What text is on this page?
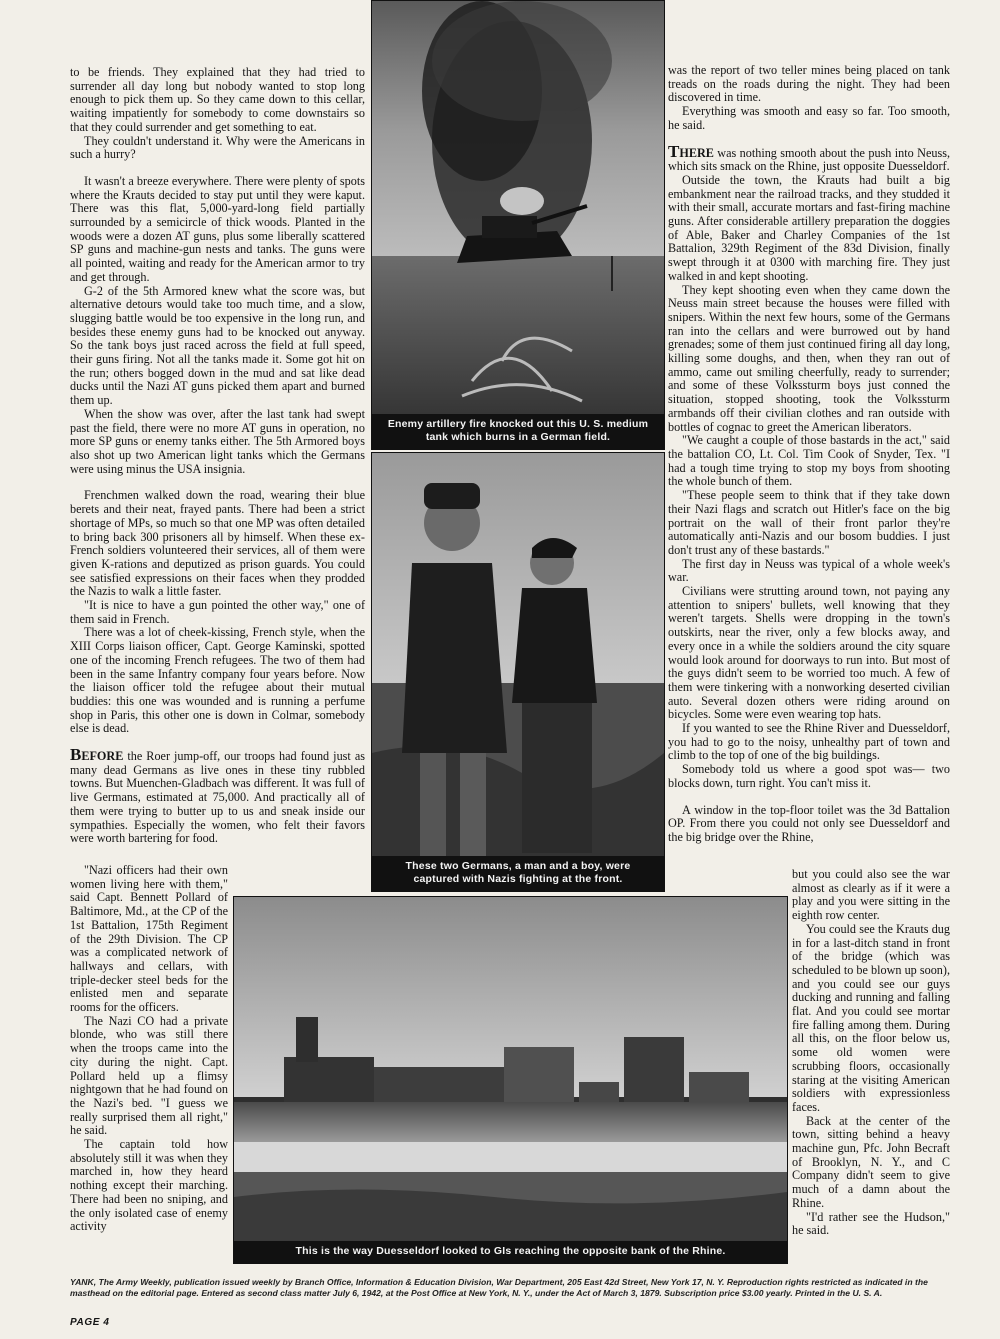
to be friends. They explained that they had tried to surrender all day long but nobody wanted to stop long enough to pick them up. So they came down to this cellar, waiting impatiently for somebody to come downstairs so that they could surrender and get something to eat.

They couldn't understand it. Why were the Americans in such a hurry?

It wasn't a breeze everywhere. There were plenty of spots where the Krauts decided to stay put until they were kaput. There was this flat, 5,000-yard-long field partially surrounded by a semicircle of thick woods. Planted in the woods were a dozen AT guns, plus some liberally scattered SP guns and machine-gun nests and tanks. The guns were all pointed, waiting and ready for the American armor to try and get through.

G-2 of the 5th Armored knew what the score was, but alternative detours would take too much time, and a slow, slugging battle would be too expensive in the long run, and besides these enemy guns had to be knocked out anyway. So the tank boys just raced across the field at full speed, their guns firing. Not all the tanks made it. Some got hit on the run; others bogged down in the mud and sat like dead ducks until the Nazi AT guns picked them apart and burned them up.

When the show was over, after the last tank had swept past the field, there were no more AT guns in operation, no more SP guns or enemy tanks either. The 5th Armored boys also shot up two American light tanks which the Germans were using minus the USA insignia.

Frenchmen walked down the road, wearing their blue berets and their neat, frayed pants. There had been a strict shortage of MPs, so much so that one MP was often detailed to bring back 300 prisoners all by himself. When these ex-French soldiers volunteered their services, all of them were given K-rations and deputized as prison guards. You could see satisfied expressions on their faces when they prodded the Nazis to walk a little faster.

"It is nice to have a gun pointed the other way," one of them said in French.

There was a lot of cheek-kissing, French style, when the XIII Corps liaison officer, Capt. George Kaminski, spotted one of the incoming French refugees. The two of them had been in the same Infantry company four years before. Now the liaison officer told the refugee about their mutual buddies: this one was wounded and is running a perfume shop in Paris, this other one is down in Colmar, somebody else is dead.

BEFORE the Roer jump-off, our troops had found just as many dead Germans as live ones in these tiny rubbled towns. But Muenchen-Gladbach was different. It was full of live Germans, estimated at 75,000. And practically all of them were trying to butter up to us and sneak inside our sympathies. Especially the women, who felt their favors were worth bartering for food.

"Nazi officers had their own women living here with them," said Capt. Bennett Pollard of Baltimore, Md., at the CP of the 1st Battalion, 175th Regiment of the 29th Division. The CP was a complicated network of hallways and cellars, with triple-decker steel beds for the enlisted men and separate rooms for the officers.

The Nazi CO had a private blonde, who was still there when the troops came into the city during the night. Capt. Pollard held up a flimsy nightgown that he had found on the Nazi's bed. "I guess we really surprised them all right," he said.

The captain told how absolutely still it was when they marched in, how they heard nothing except their marching. There had been no sniping, and the only isolated case of enemy activity

was the report of two teller mines being placed on tank treads on the roads during the night. They had been discovered in time.

Everything was smooth and easy so far. Too smooth, he said.

THERE was nothing smooth about the push into Neuss, which sits smack on the Rhine, just opposite Duesseldorf.

Outside the town, the Krauts had built a big embankment near the railroad tracks, and they studded it with their small, accurate mortars and fast-firing machine guns. After considerable artillery preparation the doggies of Able, Baker and Charley Companies of the 1st Battalion, 329th Regiment of the 83d Division, finally swept through it at 0300 with marching fire. They just walked in and kept shooting.

They kept shooting even when they came down the Neuss main street because the houses were filled with snipers. Within the next few hours, some of the Germans ran into the cellars and were burrowed out by hand grenades; some of them just continued firing all day long, killing some doughs, and then, when they ran out of ammo, came out smiling cheerfully, ready to surrender; and some of these Volkssturm boys just conned the situation, stopped shooting, took the Volkssturm armbands off their civilian clothes and ran outside with bottles of cognac to greet the American liberators.

"We caught a couple of those bastards in the act," said the battalion CO, Lt. Col. Tim Cook of Snyder, Tex. "I had a tough time trying to stop my boys from shooting the whole bunch of them.

"These people seem to think that if they take down their Nazi flags and scratch out Hitler's face on the big portrait on the wall of their front parlor they're automatically anti-Nazis and our bosom buddies. I just don't trust any of these bastards."

The first day in Neuss was typical of a whole week's war.

Civilians were strutting around town, not paying any attention to snipers' bullets, well knowing that they weren't targets. Shells were dropping in the town's outskirts, near the river, only a few blocks away, and every once in a while the soldiers around the city square would look around for doorways to run into. But most of the guys didn't seem to be worried too much. A few of them were tinkering with a nonworking deserted civilian auto. Several dozen others were riding around on bicycles. Some were even wearing top hats.

If you wanted to see the Rhine River and Duesseldorf, you had to go to the noisy, unhealthy part of town and climb to the top of one of the big buildings.

Somebody told us where a good spot was— two blocks down, turn right. You can't miss it.

A window in the top-floor toilet was the 3d Battalion OP. From there you could not only see Duesseldorf and the big bridge over the Rhine,

but you could also see the war almost as clearly as if it were a play and you were sitting in the eighth row center.

You could see the Krauts dug in for a last-ditch stand in front of the bridge (which was scheduled to be blown up soon), and you could see our guys ducking and running and falling flat. And you could see mortar fire falling among them. During all this, on the floor below us, some old women were scrubbing floors, occasionally staring at the visiting American soldiers with expressionless faces.

Back at the center of the town, sitting behind a heavy machine gun, Pfc. John Becraft of Brooklyn, N. Y., and C Company didn't seem to give much of a damn about the Rhine.

"I'd rather see the Hudson," he said.

Enemy artillery fire knocked out this U. S. medium tank which burns in a German field.
These two Germans, a man and a boy, were captured with Nazis fighting at the front.
This is the way Duesseldorf looked to GIs reaching the opposite bank of the Rhine.
YANK, The Army Weekly, publication issued weekly by Branch Office, Information & Education Division, War Department, 205 East 42d Street, New York 17, N. Y. Reproduction rights restricted as indicated in the masthead on the editorial page. Entered as second class matter July 6, 1942, at the Post Office at New York, N. Y., under the Act of March 3, 1879. Subscription price $3.00 yearly. Printed in the U. S. A.
PAGE 4
